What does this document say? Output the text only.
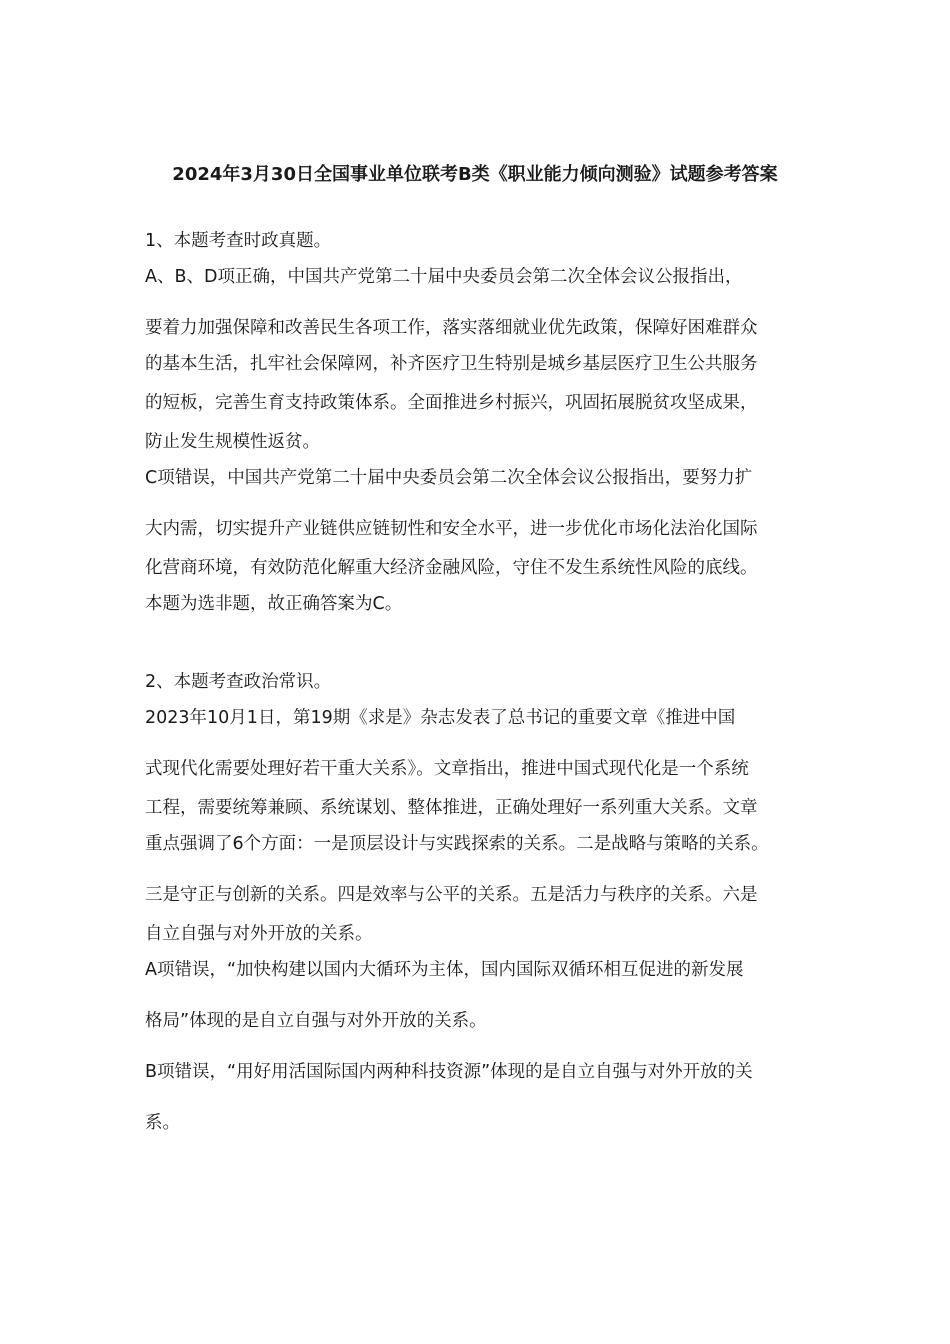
2024年3月30日全国事业单位联考B类《职业能力倾向测验》试题参考答案
1、本题考查时政真题。
A、B、D项正确，中国共产党第二十届中央委员会第二次全体会议公报指出，
要着力加强保障和改善民生各项工作，落实落细就业优先政策，保障好困难群众
的基本生活，扎牢社会保障网，补齐医疗卫生特别是城乡基层医疗卫生公共服务
的短板，完善生育支持政策体系。全面推进乡村振兴，巩固拓展脱贫攻坚成果，
防止发生规模性返贫。
C项错误，中国共产党第二十届中央委员会第二次全体会议公报指出，要努力扩
大内需，切实提升产业链供应链韧性和安全水平，进一步优化市场化法治化国际
化营商环境，有效防范化解重大经济金融风险，守住不发生系统性风险的底线。
本题为选非题，故正确答案为C。
2、本题考查政治常识。
2023年10月1日，第19期《求是》杂志发表了总书记的重要文章《推进中国
式现代化需要处理好若干重大关系》。文章指出，推进中国式现代化是一个系统
工程，需要统筹兼顾、系统谋划、整体推进，正确处理好一系列重大关系。文章
重点强调了6个方面：一是顶层设计与实践探索的关系。二是战略与策略的关系。
三是守正与创新的关系。四是效率与公平的关系。五是活力与秩序的关系。六是
自立自强与对外开放的关系。
A项错误，“加快构建以国内大循环为主体，国内国际双循环相互促进的新发展
格局”体现的是自立自强与对外开放的关系。
B项错误，“用好用活国际国内两种科技资源”体现的是自立自强与对外开放的关
系。
